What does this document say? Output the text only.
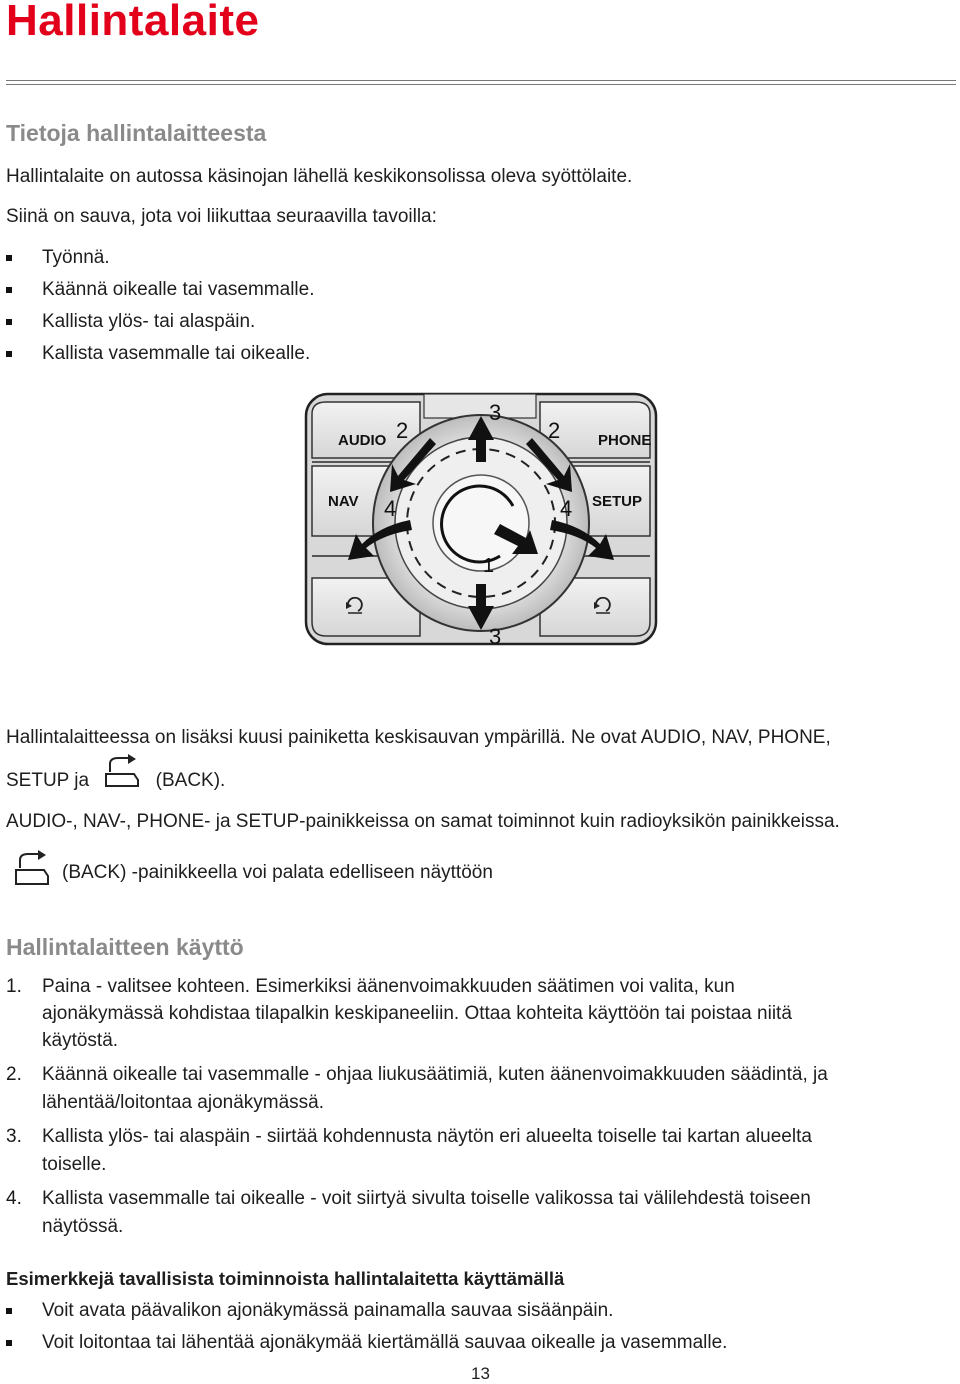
Hallintalaite
Tietoja hallintalaitteesta
Hallintalaite on autossa käsinojan lähellä keskikonsolissa oleva syöttölaite.
Siinä on sauva, jota voi liikuttaa seuraavilla tavoilla:
Työnnä.
Käännä oikealle tai vasemmalle.
Kallista ylös- tai alaspäin.
Kallista vasemmalle tai oikealle.
AUDIO	PHONE
NAV	SETUP
2	2
3
3
4	4
1
Hallintalaitteessa on lisäksi kuusi painiketta keskisauvan ympärillä. Ne ovat AUDIO, NAV, PHONE,
SETUP ja	(BACK).
AUDIO-, NAV-, PHONE- ja SETUP-painikkeissa on samat toiminnot kuin radioyksikön painikkeissa.
(BACK) -painikkeella voi palata edelliseen näyttöön
Hallintalaitteen käyttö
1. Paina - valitsee kohteen. Esimerkiksi äänenvoimakkuuden säätimen voi valita, kun
ajonäkymässä kohdistaa tilapalkin keskipaneeliin. Ottaa kohteita käyttöön tai poistaa niitä
käytöstä.
2. Käännä oikealle tai vasemmalle - ohjaa liukusäätimiä, kuten äänenvoimakkuuden säädintä, ja
lähentää/loitontaa ajonäkymässä.
3. Kallista ylös- tai alaspäin - siirtää kohdennusta näytön eri alueelta toiselle tai kartan alueelta
toiselle.
4. Kallista vasemmalle tai oikealle - voit siirtyä sivulta toiselle valikossa tai välilehdestä toiseen
näytössä.
Esimerkkejä tavallisista toiminnoista hallintalaitetta käyttämällä
Voit avata päävalikon ajonäkymässä painamalla sauvaa sisäänpäin.
Voit loitontaa tai lähentää ajonäkymää kiertämällä sauvaa oikealle ja vasemmalle.
13
